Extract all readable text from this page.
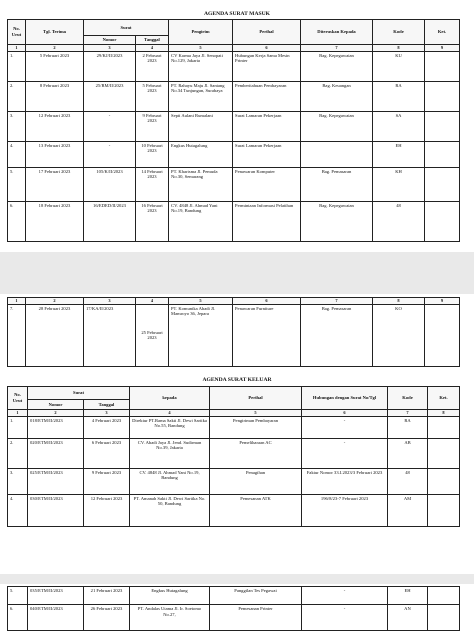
AGENDA SURAT MASUK
No. Urut	Tgl. Terima	Surat		Pengirim	Perihal	Diteruskan Kepada	Kode	Ket.
		Nomor	Tanggal					
1	2	3	4	5	6	7	8	9
1.	5 Februari 2023	29/KJ/II/2023	2 Februari 2023	CV Karma Jaya Jl. Senopati No.129, Jakarta	Hubungan Kerja Sama Mesin Printer	Bag. Kepegawaian	KU	
2.	8 Februari 2023	25/RM/II/2023	5 Februari 2023	PT. Rahayu Maju Jl. Santang No.34 Tunjungan, Surabaya	Pemberitahuan Pembayaran	Bag. Keuangan	RA	
3.	12 Februari 2023	-	9 Februari 2023	Septi Aulani Rumalani	Surat Lamaran Pekerjaan	Bag. Kepegawaian	SA	
4.	13 Februari 2023	-	10 Februari 2023	Engkus Hutagalung	Surat Lamaran Pekerjaan		EH	
5.	17 Februari 2023	105/K/II/2023	14 Februari 2023	PT. Kharisma Jl. Pemuda No.30, Semarang	Penawaran Komputer	Bag. Pemasaran	KH	
6.	18 Februari 2023	16/EDED/II/2023	16 Februari 2023	CV. 4848 Jl. Ahmad Yani No.19, Bandung	Permintaan Informasi Pelatihan	Bag. Kepegawaian	48	
1	2	3	4	5	6	7	8	9
7.	28 Februari 2023	17/KA/II/2023	25 Februari 2023	PT. Komunika Abadi Jl. Mamroyo 36, Jepara	Penawaran Furniture	Bag. Pemasaran	KO	
AGENDA SURAT KELUAR
No. Urut	Surat		kepada	Perihal	Hubungan dengan Surat No/Tgl	Kode	Ket.
	Nomor	Tanggal					
1	2	3	4	5	6	7	8
1.	018/ETM/II/2023	4 Februari 2023	Direktur PT.Rama Sakti Jl. Dewi Sartika No.55, Bandung	Pengiriman Pembayaran	-	RA	
2.	020/ETM/II/2023	6 Februari 2023	CV. Abadi Jaya Jl. Jend. Sudirman No.39, Jakarta	Pemeliharaan AC	-	AB	
3.	025/ETM/II/2023	9 Februari 2023	CV. 4848 Jl. Ahmad Yani No.19, Bandung	Penagihan	Faktur Nomor 33.I.2023/3 Februari 2023	48	
4.	030/ETM/II/2023	12 Februari 2023	PT. Amanah Sakti Jl. Dewi Sartika No. 50, Bandung	Pemesanan ATK	196/8/23-7 Februari 2023	AM	
5.	035/ETM/II/2023	21 Februari 2023	Engkus Hutagalung	Panggilan Tes Pegawai	-	EH	
6.	040/ETM/II/2023	26 Februari 2023	PT. Andalas Utama Jl. Ir. Soetomo No.27,	Pemesanan Printer	-	AN	
